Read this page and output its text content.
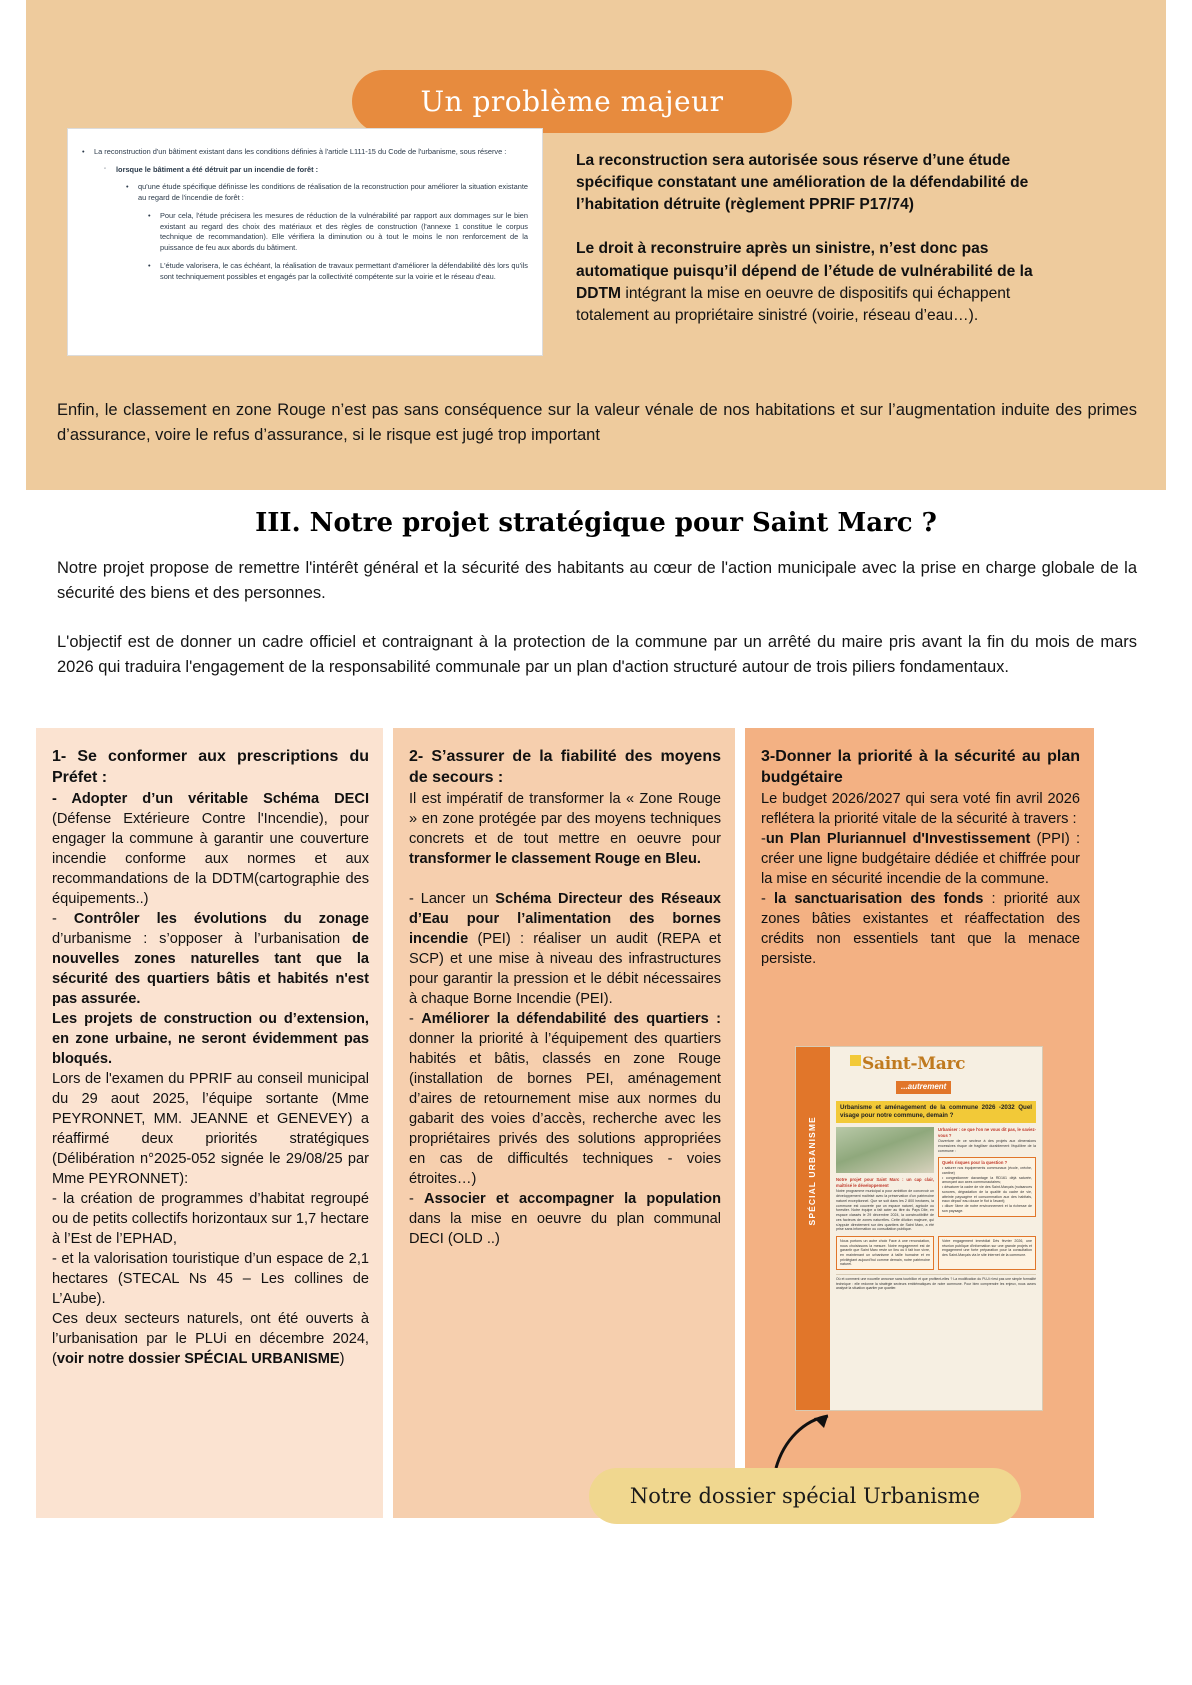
Un problème majeur
•	La reconstruction d'un bâtiment existant dans les conditions définies à l'article L111-15 du Code de l'urbanisme, sous réserve :
◦	lorsque le bâtiment a été détruit par un incendie de forêt :
•	qu'une étude spécifique définisse les conditions de réalisation de la reconstruction pour améliorer la situation existante au regard de l'incendie de forêt :
•	Pour cela, l'étude précisera les mesures de réduction de la vulnérabilité par rapport aux dommages sur le bien existant au regard des choix des matériaux et des règles de construction (l'annexe 1 constitue le corpus technique de recommandation). Elle vérifiera la diminution ou à tout le moins le non renforcement de la puissance de feu aux abords du bâtiment.
•	L'étude valorisera, le cas échéant, la réalisation de travaux permettant d'améliorer la défendabilité dès lors qu'ils sont techniquement possibles et engagés par la collectivité compétente sur la voirie et le réseau d'eau.
La reconstruction sera autorisée sous réserve d’une étude spécifique constatant une amélioration de la défendabilité de l’habitation détruite (règlement PPRIF P17/74)
Le droit à reconstruire après un sinistre, n’est donc pas automatique puisqu’il dépend de l’étude de vulnérabilité de la DDTM intégrant la mise en oeuvre de dispositifs qui échappent totalement au propriétaire sinistré (voirie, réseau d’eau…).
Enfin, le classement en zone Rouge n’est pas sans conséquence sur la valeur vénale de nos habitations et sur l’augmentation induite des primes d’assurance, voire le refus d’assurance, si le risque est jugé trop important
III. Notre projet stratégique pour Saint Marc ?
Notre projet propose de remettre l'intérêt général et la sécurité des habitants au cœur de l'action municipale avec la prise en charge globale de la sécurité des biens et des personnes.
L'objectif est de donner un cadre officiel et contraignant à la protection de la commune par un arrêté du maire pris avant la fin du mois de mars 2026 qui traduira l'engagement de la responsabilité communale par un plan d'action structuré autour de trois piliers fondamentaux.
1- Se conformer aux prescriptions du Préfet :

- Adopter d’un véritable Schéma DECI (Défense Extérieure Contre l'Incendie), pour engager la commune à garantir une couverture incendie conforme aux normes et aux recommandations de la DDTM(cartographie des équipements..)
- Contrôler les évolutions du zonage d’urbanisme : s’opposer à l’urbanisation de nouvelles zones naturelles tant que la sécurité des quartiers bâtis et habités n'est pas assurée.
Les projets de construction ou d’extension, en zone urbaine, ne seront évidemment pas bloqués.
Lors de l'examen du PPRIF au conseil municipal du 29 aout 2025, l’équipe sortante (Mme PEYRONNET, MM. JEANNE et GENEVEY) a réaffirmé deux priorités stratégiques (Délibération n°2025-052 signée le 29/08/25 par Mme PEYRONNET):
- la création de programmes d’habitat regroupé ou de petits collectifs horizontaux sur 1,7 hectare à l’Est de l’EPHAD,
- et la valorisation touristique d’un espace de 2,1 hectares (STECAL Ns 45 – Les collines de L’Aube).
Ces deux secteurs naturels, ont été ouverts à l’urbanisation par le PLUi en décembre 2024, (voir notre dossier SPÉCIAL URBANISME)

2- S’assurer de la fiabilité des moyens de secours :

Il est impératif de transformer la « Zone Rouge » en zone protégée par des moyens techniques concrets et de tout mettre en oeuvre pour transformer le classement Rouge en Bleu.

- Lancer un Schéma Directeur des Réseaux d’Eau pour l’alimentation des bornes incendie (PEI) : réaliser un audit (REPA et SCP) et une mise à niveau des infrastructures pour garantir la pression et le débit nécessaires à chaque Borne Incendie (PEI).
- Améliorer la défendabilité des quartiers : donner la priorité à l’équipement des quartiers habités et bâtis, classés en zone Rouge (installation de bornes PEI, aménagement d’aires de retournement mise aux normes du gabarit des voies d’accès, recherche avec les propriétaires privés des solutions appropriées en cas de difficultés techniques - voies étroites…)
- Associer et accompagner la population dans la mise en oeuvre du plan communal DECI (OLD ..)

3-Donner la priorité à la sécurité au plan budgétaire

Le budget 2026/2027 qui sera voté fin avril 2026 reflétera la priorité vitale de la sécurité à travers :
-un Plan Pluriannuel d'Investissement (PPI) : créer une ligne budgétaire dédiée et chiffrée pour la mise en sécurité incendie de la commune.
- la sanctuarisation des fonds : priorité aux zones bâties existantes et réaffectation des crédits non essentiels tant que la menace persiste.

SPÉCIAL URBANISME
Saint-Marc
...autrement
Urbanisme et aménagement de la commune 2026 -2032 Quel visage pour notre commune, demain ?
Notre projet pour Saint Marc : un cap clair, maîtrisé le développement
Notre programme municipal a pour ambition de concevoir un développement maîtrisé avec la préservation d'un patrimoine naturel exceptionnel. Que se soit dans les 2 800 hectares, la commune est couverte par un espace naturel, agricole ou forestier. Notre équipe a fait acter au titre du Pays Dile, en espace classés le 29 décembre 2024, la constructibilité de ces facteurs de zones naturelles. Cette dilution majeure, qui s'appuie directement sur des quartiers de Saint Marc, a été prise sans information ou consultation publique.
Urbaniser : ce que l'on ne vous dit pas, le saviez-vous ?
Ouverture de ce secteur à des projets aux dimensions excessives risque de fragiliser durablement l'équilibre de la commune :
Quels risques pour la question ?
• saturer nos équipements communaux (école, crèche, cantine)
• congestionner davantage la RD161 déjà saturée, amorçant aux axes communautaires;
• désaturer la cadre de vie des Saint-Marçais (nuisances sonores, dégradation de la qualité du cadre de vie, atteinte paysagère et consommation aux des habitats, eaux dépad' eau douce le flot à l'avant);
• diluer l'âme de notre environnement et la richesse de son paysage.
Nous portons un autre choix Face à une renonciation, nous choisissons la mesure. Notre engagement est de garantir que Saint Marc reste un lieu où il fait bon vivre, en maintenant un urbanisme à taille humaine et en privilégiant aujourd'hui comme demain, notre patrimoine naturel.
Votre engagement immédiat Dès février 2026, une réunion publique d'information sur une grande projets et engagement une forte préparation pour la consultation des Saint-Marçais via le site internet de la commune.
Où et comment une nouvelle annonce sans tourbillon et que profitent-elles ? La modification du PLUi n'est pas une simple formalité technique : elle redonne la stratégie secteurs emblématiques de notre commune. Pour bien comprendre les enjeux, nous avons analysé la situation quartier par quartier.
Notre dossier spécial Urbanisme
